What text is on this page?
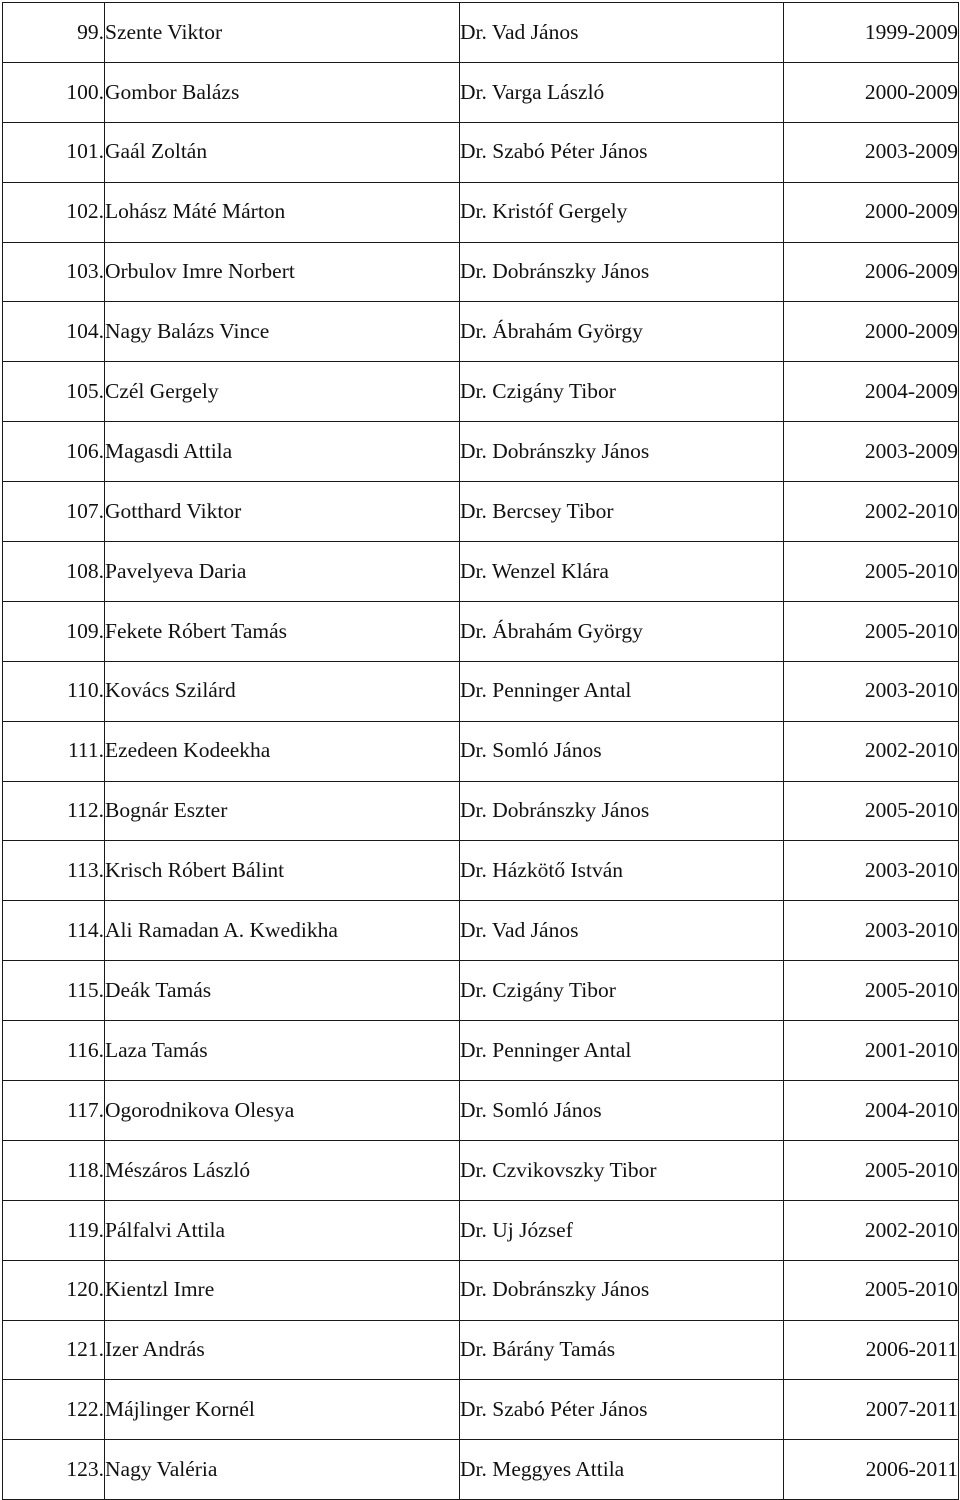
99.	Szente Viktor	Dr. Vad János	1999-2009
100.	Gombor Balázs	Dr. Varga László	2000-2009
101.	Gaál Zoltán	Dr. Szabó Péter János	2003-2009
102.	Lohász Máté Márton	Dr. Kristóf Gergely	2000-2009
103.	Orbulov Imre Norbert	Dr. Dobránszky János	2006-2009
104.	Nagy Balázs Vince	Dr. Ábrahám György	2000-2009
105.	Czél Gergely	Dr. Czigány Tibor	2004-2009
106.	Magasdi Attila	Dr. Dobránszky János	2003-2009
107.	Gotthard Viktor	Dr. Bercsey Tibor	2002-2010
108.	Pavelyeva Daria	Dr. Wenzel Klára	2005-2010
109.	Fekete Róbert Tamás	Dr. Ábrahám György	2005-2010
110.	Kovács Szilárd	Dr. Penninger Antal	2003-2010
111.	Ezedeen Kodeekha	Dr. Somló János	2002-2010
112.	Bognár Eszter	Dr. Dobránszky János	2005-2010
113.	Krisch Róbert Bálint	Dr. Házkötő István	2003-2010
114.	Ali Ramadan A. Kwedikha	Dr. Vad János	2003-2010
115.	Deák Tamás	Dr. Czigány Tibor	2005-2010
116.	Laza Tamás	Dr. Penninger Antal	2001-2010
117.	Ogorodnikova Olesya	Dr. Somló János	2004-2010
118.	Mészáros László	Dr. Czvikovszky Tibor	2005-2010
119.	Pálfalvi Attila	Dr. Uj József	2002-2010
120.	Kientzl Imre	Dr. Dobránszky János	2005-2010
121.	Izer András	Dr. Bárány Tamás	2006-2011
122.	Májlinger Kornél	Dr. Szabó Péter János	2007-2011
123.	Nagy Valéria	Dr. Meggyes Attila	2006-2011
